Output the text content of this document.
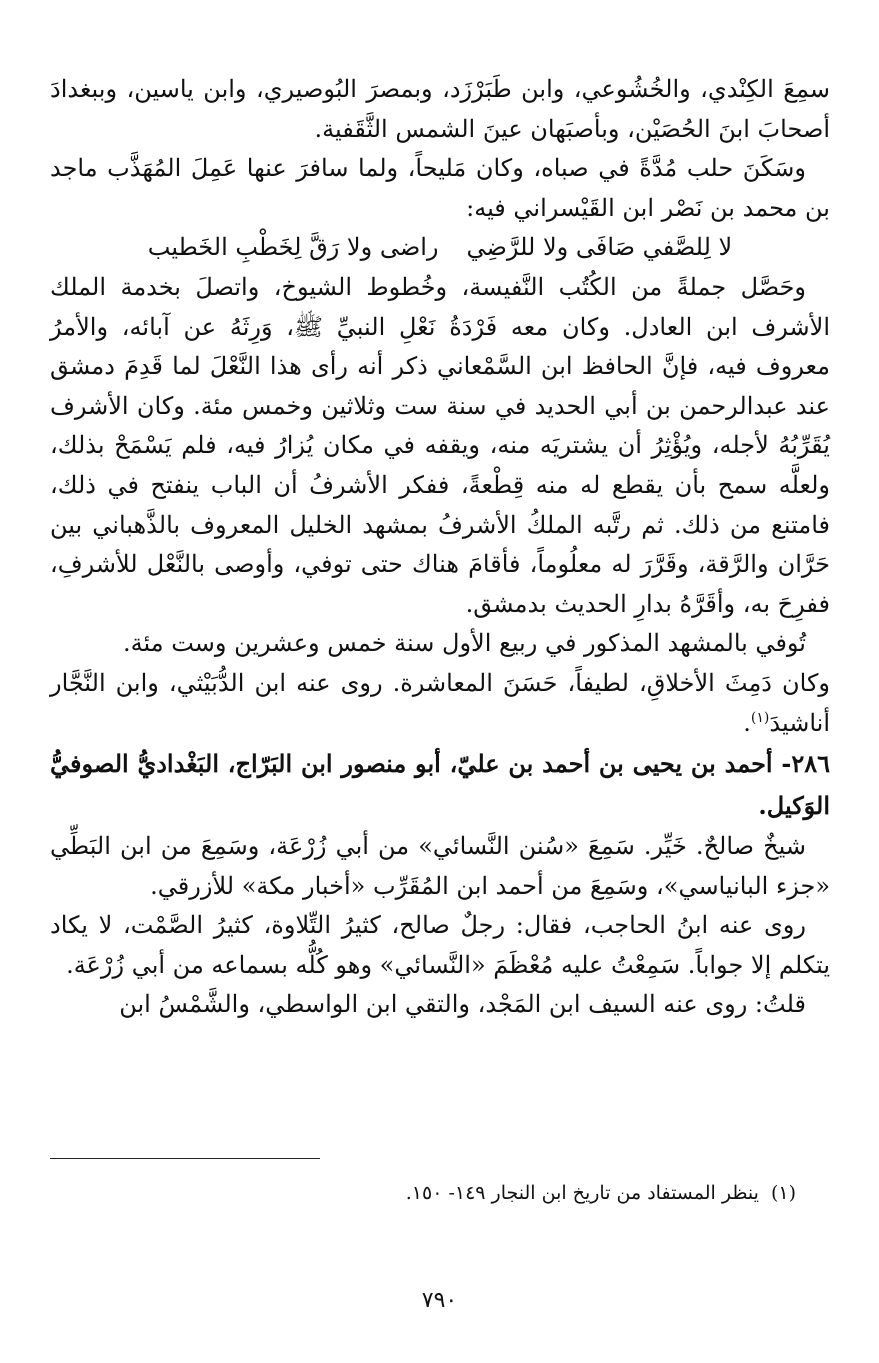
سمِعَ الكِنْدي، والخُشُوعي، وابن طَبَرْزَد، وبمصرَ البُوصيري، وابن ياسين، وببغدادَ أصحابَ ابنَ الحُصَيْن، وبأصبَهان عينَ الشمس الثَّقَفية.

وسَكَنَ حلب مُدَّةً في صباه، وكان مَليحاً، ولما سافرَ عنها عَمِلَ المُهَذَّب ماجد بن محمد بن نَصْر ابن القَيْسراني فيه:

لا لِلصَّفي صَافَى ولا للرَّضِي
راضى ولا رَقَّ لِخَطْبِ الخَطيب

وحَصَّل جملةً من الكُتُب النَّفيسة، وخُطوط الشيوخ، واتصلَ بخدمة الملك الأشرف ابن العادل. وكان معه فَرْدَةُ نَعْلِ النبيِّ ﷺ، وَرِثَهُ عن آبائه، والأمرُ معروف فيه، فإنَّ الحافظ ابن السَّمْعاني ذكر أنه رأى هذا النَّعْلَ لما قَدِمَ دمشق عند عبدالرحمن بن أبي الحديد في سنة ست وثلاثين وخمس مئة. وكان الأشرف يُقَرِّبُهُ لأجله، ويُؤْثِرُ أن يشتريَه منه، ويقفه في مكان يُزارُ فيه، فلم يَسْمَحْ بذلك، ولعلَّه سمح بأن يقطع له منه قِطْعةً، ففكر الأشرفُ أن الباب ينفتح في ذلك، فامتنع من ذلك. ثم رتَّبه الملكُ الأشرفُ بمشهد الخليل المعروف بالذَّهباني بين حَرَّان والرَّقة، وقَرَّرَ له معلُوماً، فأقامَ هناك حتى توفي، وأوصى بالنَّعْل للأشرفِ، ففرِحَ به، وأقَرَّهُ بدارِ الحديث بدمشق.

تُوفي بالمشهد المذكور في ربيع الأول سنة خمس وعشرين وست مئة.

وكان دَمِثَ الأخلاقِ، لطيفاً، حَسَنَ المعاشرة. روى عنه ابن الدُّبَيْثي، وابن النَّجَّار أناشيدَ$^{(١)}$.

٢٨٦- أحمد بن يحيى بن أحمد بن عليّ، أبو منصور ابن البَرّاج، البَغْداديُّ الصوفيُّ الوَكيل.

شيخٌ صالحٌ. خَيِّر. سَمِعَ «سُنن النَّسائي» من أبي زُرْعَة، وسَمِعَ من ابن البَطِّي «جزء البانياسي»، وسَمِعَ من أحمد ابن المُقَرِّب «أخبار مكة» للأزرقي.

روى عنه ابنُ الحاجب، فقال: رجلٌ صالح، كثيرُ التِّلاوة، كثيرُ الصَّمْت، لا يكاد يتكلم إلا جواباً. سَمِعْتُ عليه مُعْظَمَ «النَّسائي» وهو كُلُّه بسماعه من أبي زُرْعَة.

قلتُ: روى عنه السيف ابن المَجْد، والتقي ابن الواسطي، والشَّمْسُ ابن

(١)ينظر المستفاد من تاريخ ابن النجار ١٤٩- ١٥٠.
٧٩٠
